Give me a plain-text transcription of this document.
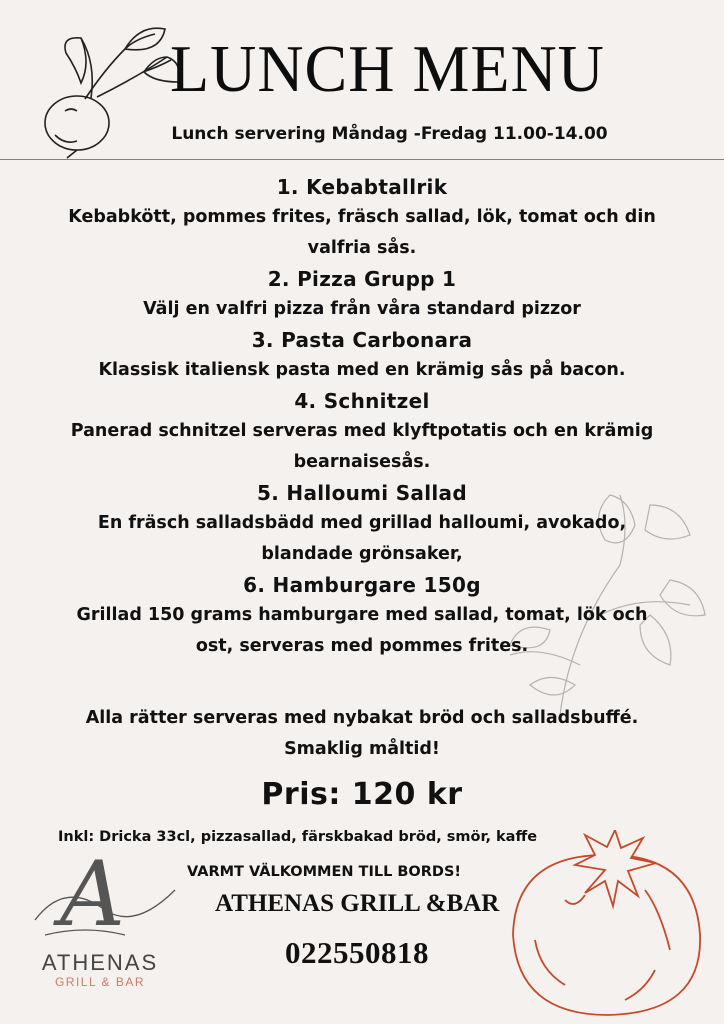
LUNCH MENU
Lunch servering Måndag -Fredag 11.00-14.00

1. Kebabtallrik

Kebabkött, pommes frites, fräsch sallad, lök, tomat och din valfria sås.

2. Pizza Grupp 1

Välj en valfri pizza från våra standard pizzor

3. Pasta Carbonara

Klassisk italiensk pasta med en krämig sås på bacon.

4. Schnitzel

Panerad schnitzel serveras med klyftpotatis och en krämig bearnaisesås.

5. Halloumi Sallad

En fräsch salladsbädd med grillad halloumi, avokado, blandade grönsaker,

6. Hamburgare 150g

Grillad 150 grams hamburgare med sallad, tomat, lök och ost, serveras med pommes frites.

Alla rätter serveras med nybakat bröd och salladsbuffé. Smaklig måltid!
Pris: 120 kr
Inkl: Dricka 33cl, pizzasallad, färskbakad bröd, smör, kaffe
A
ATHENAS
GRILL & BAR
VARMT VÄLKOMMEN TILL BORDS!
ATHENAS GRILL &BAR
022550818
